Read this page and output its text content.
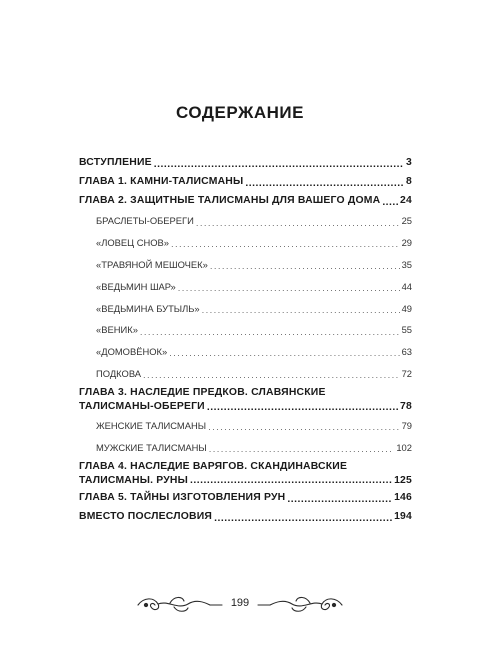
СОДЕРЖАНИЕ
ВСТУПЛЕНИЕ . . .	3
ГЛАВА 1. КАМНИ-ТАЛИСМАНЫ . . .	8
ГЛАВА 2. ЗАЩИТНЫЕ ТАЛИСМАНЫ ДЛЯ ВАШЕГО ДОМА . . . 24
БРАСЛЕТЫ-ОБЕРЕГИ . . .	25
«ЛОВЕЦ СНОВ» . . .	29
«ТРАВЯНОЙ МЕШОЧЕК» . . .	35
«ВЕДЬМИН ШАР» . . .	44
«ВЕДЬМИНА БУТЫЛЬ» . . .	49
«ВЕНИК» . . .	55
«ДОМОВЁНОК» . . .	63
ПОДКОВА . . .	72
ГЛАВА 3. НАСЛЕДИЕ ПРЕДКОВ. СЛАВЯНСКИЕ
ТАЛИСМАНЫ-ОБЕРЕГИ . . .	78
ЖЕНСКИЕ ТАЛИСМАНЫ . . .	79
МУЖСКИЕ ТАЛИСМАНЫ . . .	102
ГЛАВА 4. НАСЛЕДИЕ ВАРЯГОВ. СКАНДИНАВСКИЕ
ТАЛИСМАНЫ. РУНЫ . . .	125
ГЛАВА 5. ТАЙНЫ ИЗГОТОВЛЕНИЯ РУН . . .	146
ВМЕСТО ПОСЛЕСЛОВИЯ . . .	194
199
